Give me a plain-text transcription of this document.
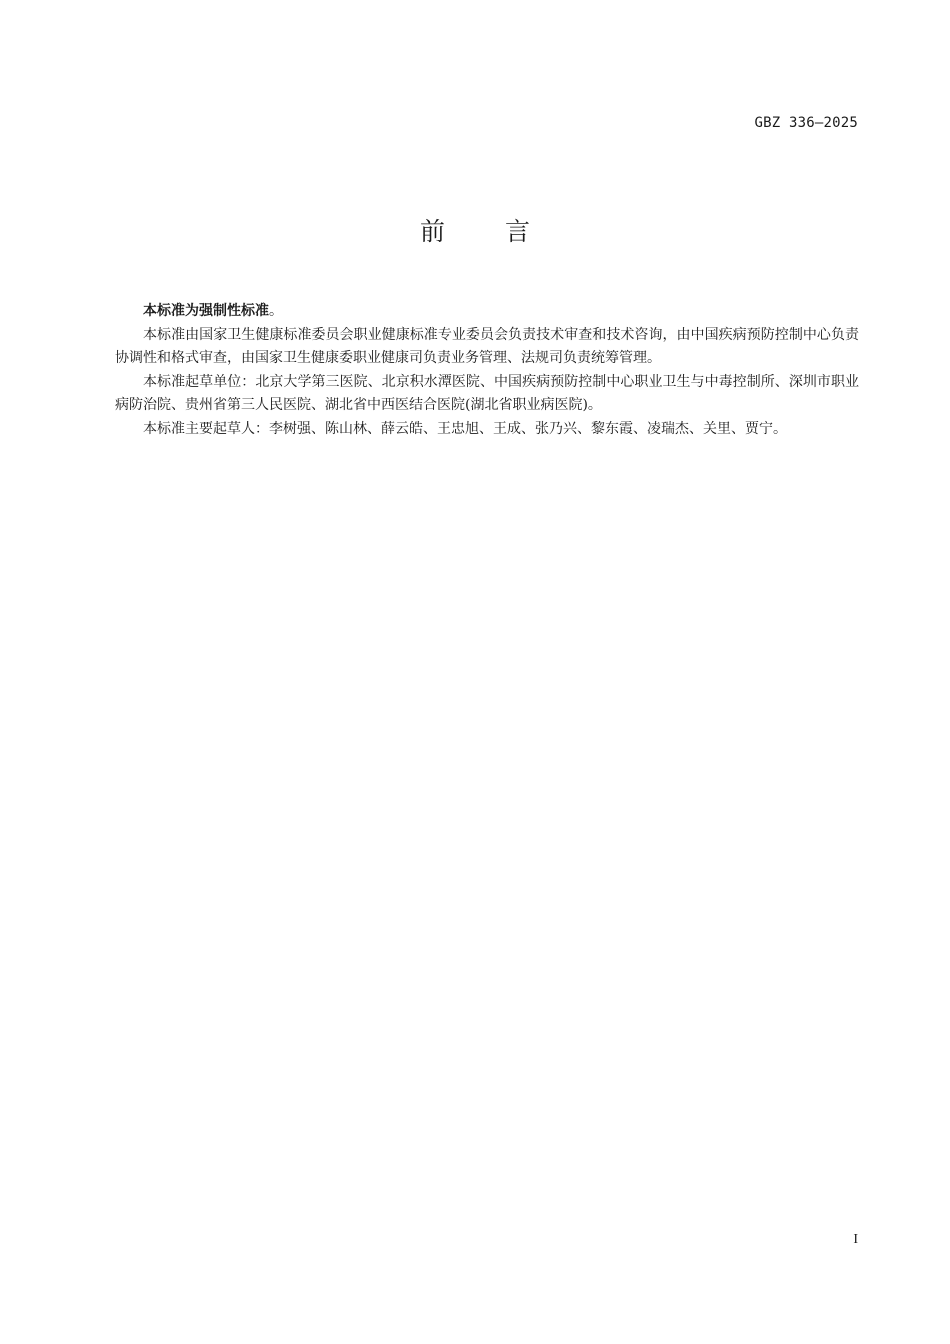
GBZ 336—2025
前言

本标准为强制性标准。

本标准由国家卫生健康标准委员会职业健康标准专业委员会负责技术审查和技术咨询，由中国疾病预防控制中心负责协调性和格式审查，由国家卫生健康委职业健康司负责业务管理、法规司负责统筹管理。

本标准起草单位：北京大学第三医院、北京积水潭医院、中国疾病预防控制中心职业卫生与中毒控制所、深圳市职业病防治院、贵州省第三人民医院、湖北省中西医结合医院(湖北省职业病医院)。

本标准主要起草人：李树强、陈山林、薛云皓、王忠旭、王成、张乃兴、黎东霞、凌瑞杰、关里、贾宁。

I
